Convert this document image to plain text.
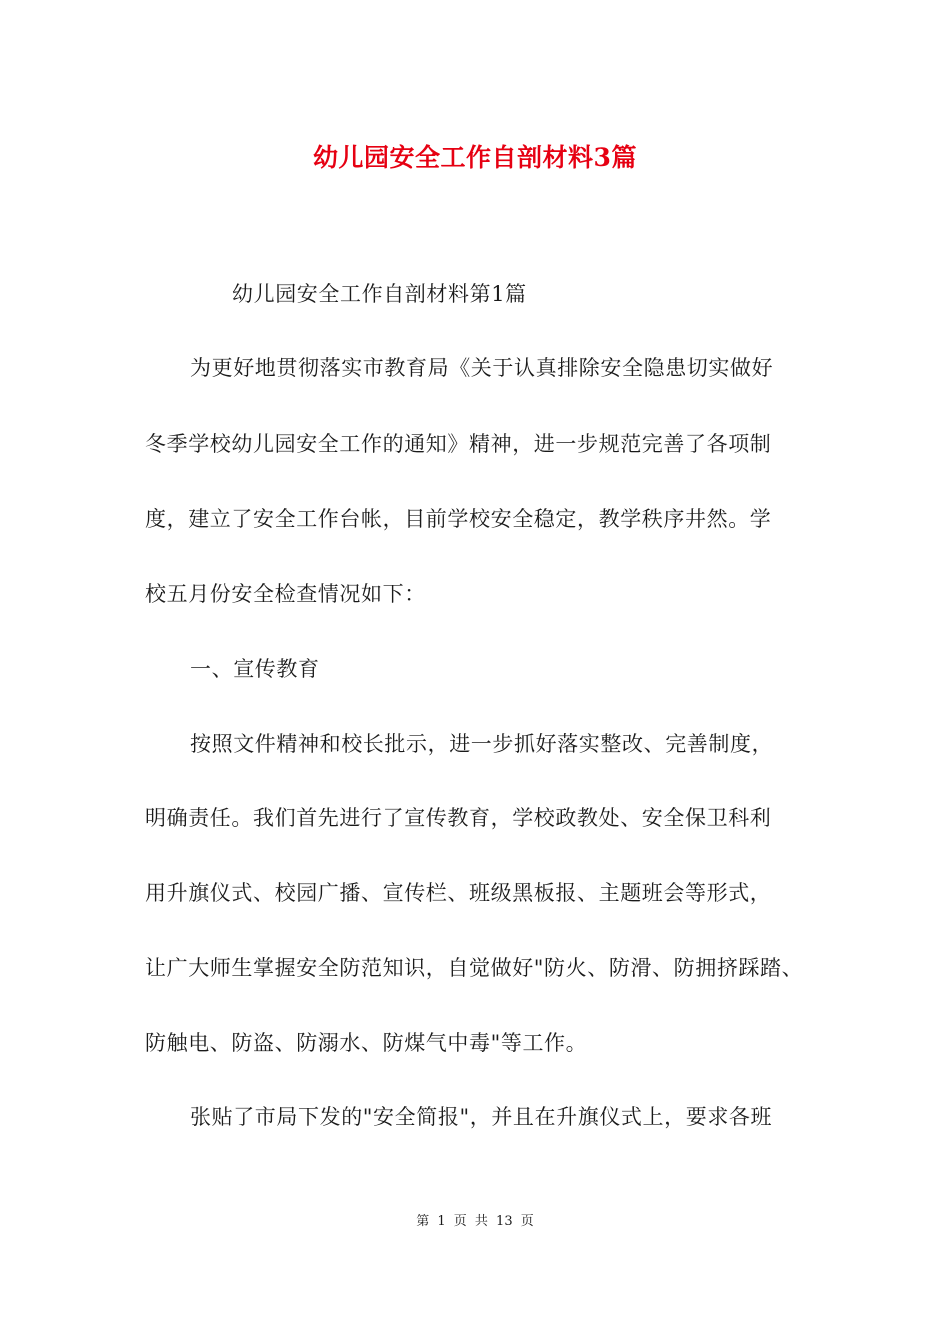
幼儿园安全工作自剖材料3篇
幼儿园安全工作自剖材料第1篇
为更好地贯彻落实市教育局《关于认真排除安全隐患切实做好
冬季学校幼儿园安全工作的通知》精神，进一步规范完善了各项制
度，建立了安全工作台帐，目前学校安全稳定，教学秩序井然。学
校五月份安全检查情况如下：
一、宣传教育
按照文件精神和校长批示，进一步抓好落实整改、完善制度，
明确责任。我们首先进行了宣传教育，学校政教处、安全保卫科利
用升旗仪式、校园广播、宣传栏、班级黑板报、主题班会等形式，
让广大师生掌握安全防范知识，自觉做好"防火、防滑、防拥挤踩踏、
防触电、防盗、防溺水、防煤气中毒"等工作。
张贴了市局下发的"安全简报"，并且在升旗仪式上，要求各班
第 1 页 共 13 页
